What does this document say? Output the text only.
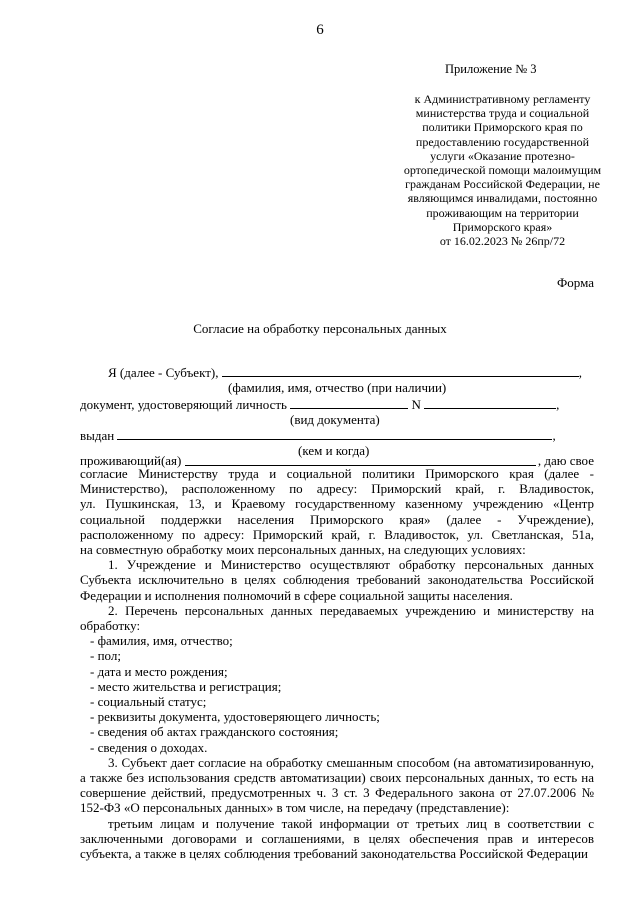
6
Приложение № 3
к Административному регламенту
министерства труда и социальной
политики Приморского края по
предоставлению государственной
услуги «Оказание протезно-
ортопедической помощи малоимущим
гражданам Российской Федерации, не
являющимся инвалидами, постоянно
проживающим на территории
Приморского края»
от 16.02.2023 № 26пр/72
Форма
Согласие на обработку персональных данных
Я (далее - Субъект),	,
(фамилия, имя, отчество (при наличии)
документ, удостоверяющий личность	N	,
(вид документа)
выдан	,
(кем и когда)
проживающий(ая)	, даю свое

согласие Министерству труда и социальной политики Приморского края (далее -

Министерство), расположенному по адресу: Приморский край, г. Владивосток,

ул. Пушкинская, 13, и Краевому государственному казенному учреждению «Центр

социальной поддержки населения Приморского края» (далее - Учреждение),

расположенному по адресу: Приморский край, г. Владивосток, ул. Светланская, 51а,

на совместную обработку моих персональных данных, на следующих условиях:

1. Учреждение и Министерство осуществляют обработку персональных данных Субъекта исключительно в целях соблюдения требований законодательства Российской Федерации и исполнения полномочий в сфере социальной защиты населения.

2. Перечень персональных данных передаваемых учреждению и министерству на обработку:

- фамилия, имя, отчество;
- пол;
- дата и место рождения;
- место жительства и регистрация;
- социальный статус;
- реквизиты документа, удостоверяющего личность;
- сведения об актах гражданского состояния;
- сведения о доходах.

3. Субъект дает согласие на обработку смешанным способом (на автоматизированную, а также без использования средств автоматизации) своих персональных данных, то есть на совершение действий, предусмотренных ч. 3 ст. 3 Федерального закона от 27.07.2006 № 152-ФЗ «О персональных данных» в том числе, на передачу (представление):

третьим лицам и получение такой информации от третьих лиц в соответствии с заключенными договорами и соглашениями, в целях обеспечения прав и интересов субъекта, а также в целях соблюдения требований законодательства Российской Федерации
